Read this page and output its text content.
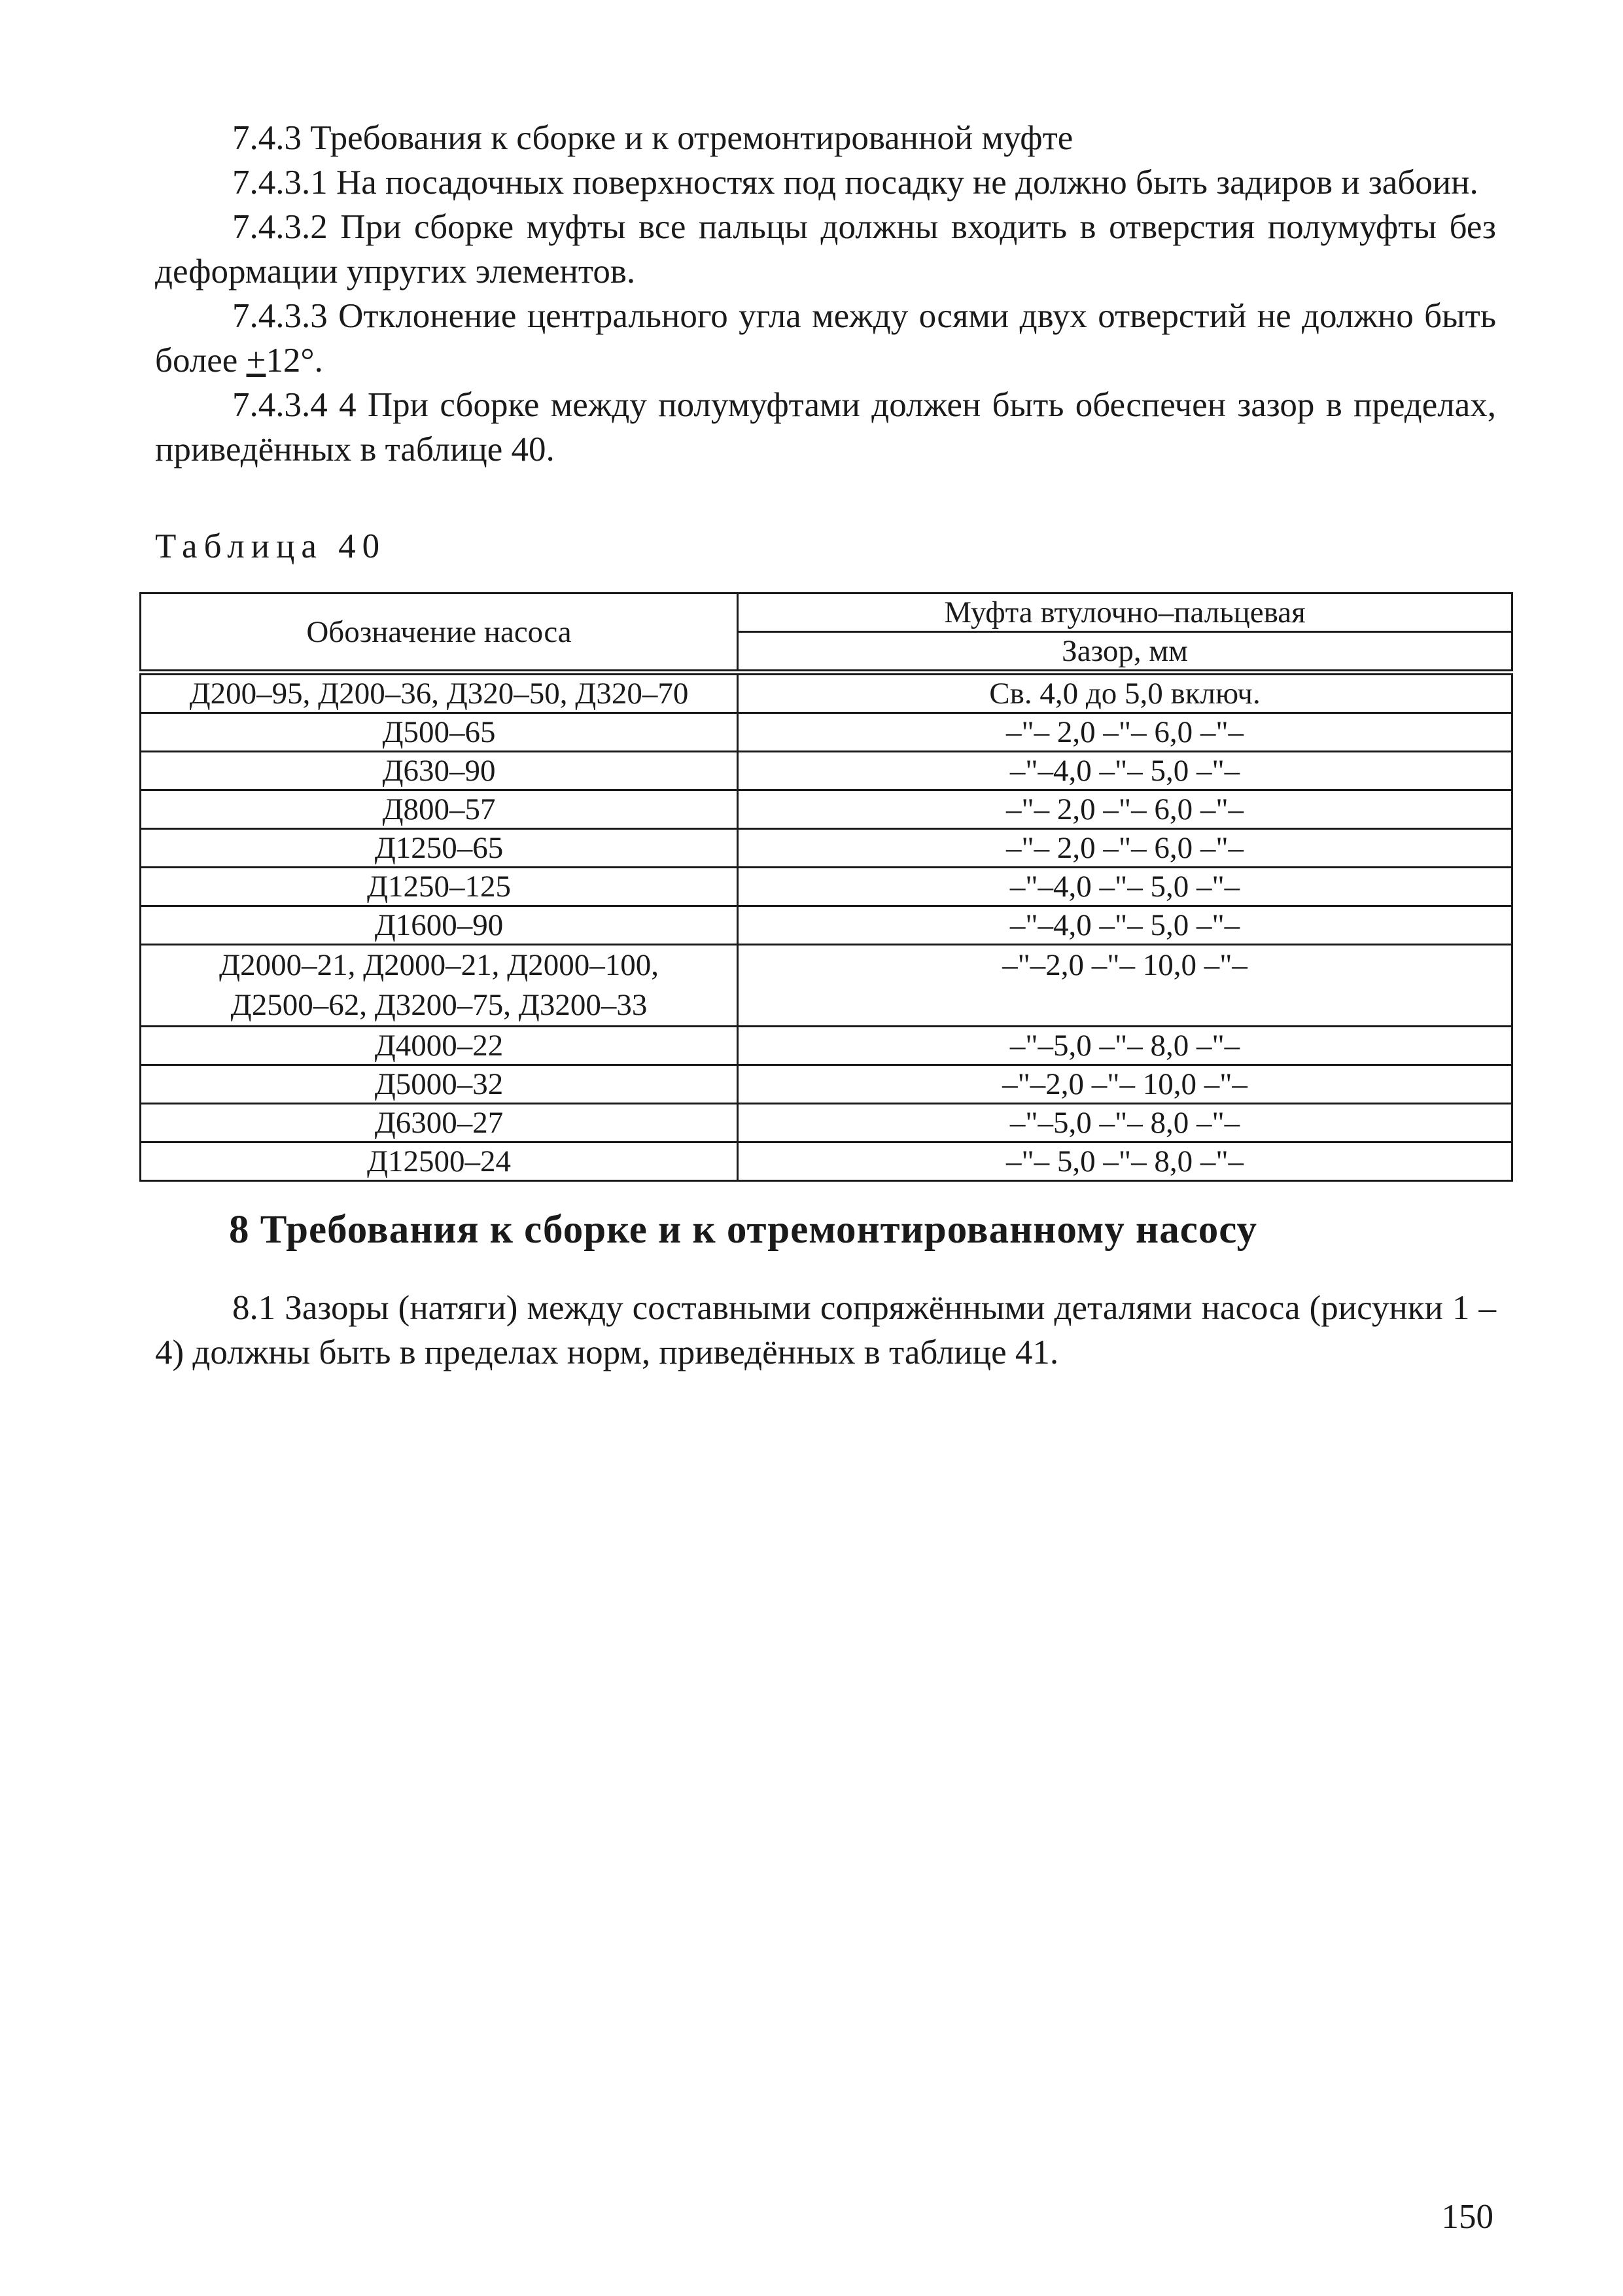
7.4.3 Требования к сборке и к отремонтированной муфте

7.4.3.1 На посадочных поверхностях под посадку не должно быть задиров и забоин.

7.4.3.2 При сборке муфты все пальцы должны входить в отверстия полумуфты без деформации упругих элементов.

7.4.3.3 Отклонение центрального угла между осями двух отверстий не должно быть более +12°.

7.4.3.4 4 При сборке между полумуфтами должен быть обеспечен зазор в пределах, приведённых в таблице 40.

Таблица 40
Обозначение насоса	Муфта втулочно–пальцевая
	Зазор, мм
Д200–95, Д200–36, Д320–50, Д320–70	Св. 4,0 до 5,0 включ.
Д500–65	–"– 2,0 –"– 6,0 –"–
Д630–90	–"–4,0 –"– 5,0 –"–
Д800–57	–"– 2,0 –"– 6,0 –"–
Д1250–65	–"– 2,0 –"– 6,0 –"–
Д1250–125	–"–4,0 –"– 5,0 –"–
Д1600–90	–"–4,0 –"– 5,0 –"–

Д2000–21, Д2000–21, Д2000–100,
Д2500–62, Д3200–75, Д3200–33	–"–2,0 –"– 10,0 –"–
Д4000–22	–"–5,0 –"– 8,0 –"–
Д5000–32	–"–2,0 –"– 10,0 –"–
Д6300–27	–"–5,0 –"– 8,0 –"–
Д12500–24	–"– 5,0 –"– 8,0 –"–
8 Требования к сборке и к отремонтированному насосу

8.1 Зазоры (натяги) между составными сопряжёнными деталями насоса (рисунки 1 – 4) должны быть в пределах норм, приведённых в таблице 41.

150
